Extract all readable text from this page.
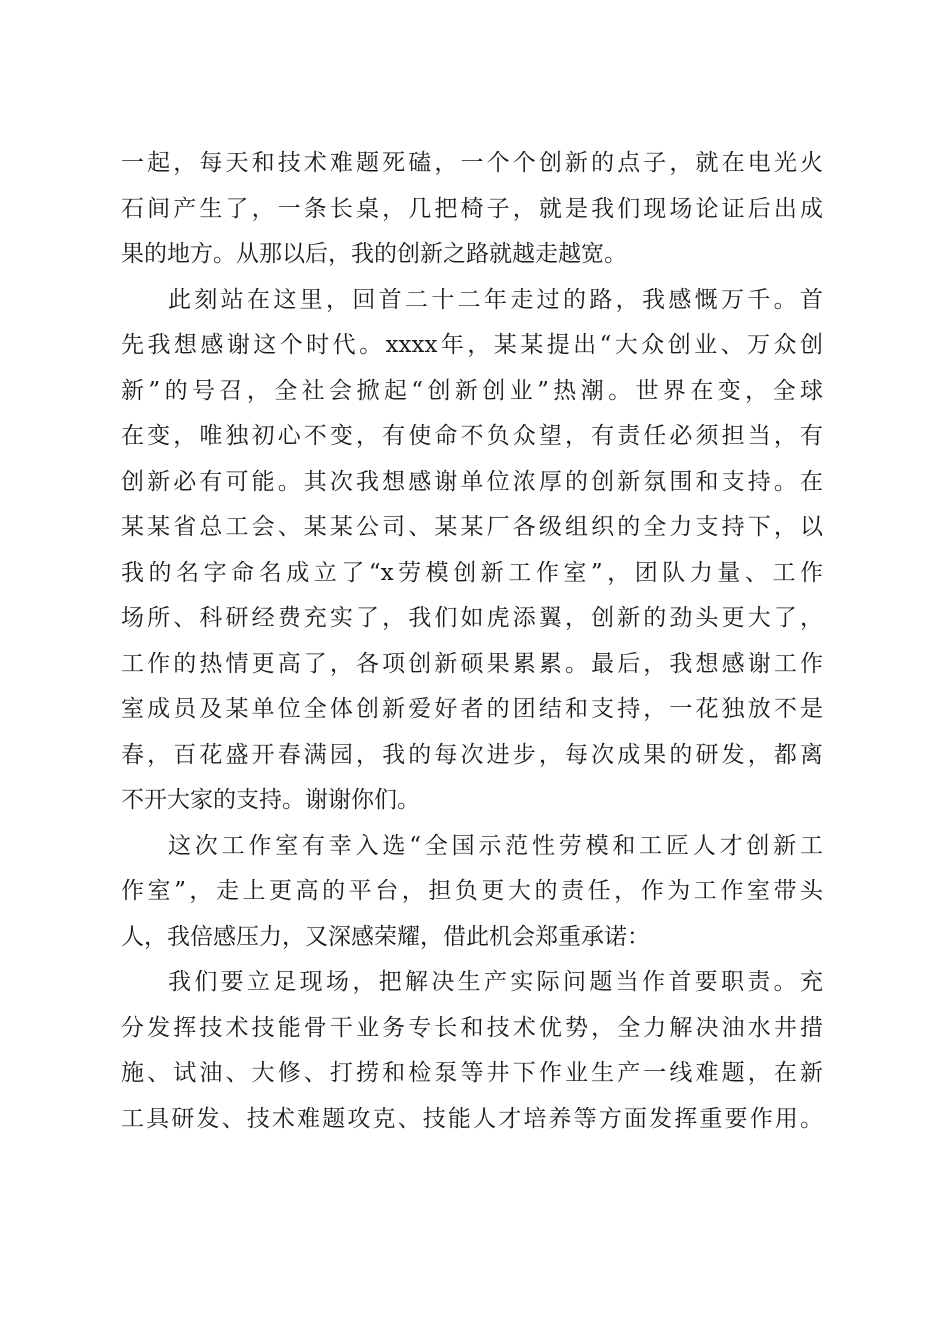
一起，每天和技术难题死磕，一个个创新的点子，就在电光火
石间产生了，一条长桌，几把椅子，就是我们现场论证后出成
果的地方。从那以后，我的创新之路就越走越宽。
此刻站在这里，回首二十二年走过的路，我感慨万千。首
先我想感谢这个时代。xxxx年，某某提出“大众创业、万众创
新”的号召，全社会掀起“创新创业”热潮。世界在变，全球
在变，唯独初心不变，有使命不负众望，有责任必须担当，有
创新必有可能。其次我想感谢单位浓厚的创新氛围和支持。在
某某省总工会、某某公司、某某厂各级组织的全力支持下，以
我的名字命名成立了“x劳模创新工作室”，团队力量、工作
场所、科研经费充实了，我们如虎添翼，创新的劲头更大了，
工作的热情更高了，各项创新硕果累累。最后，我想感谢工作
室成员及某单位全体创新爱好者的团结和支持，一花独放不是
春，百花盛开春满园，我的每次进步，每次成果的研发，都离
不开大家的支持。谢谢你们。
这次工作室有幸入选“全国示范性劳模和工匠人才创新工
作室”，走上更高的平台，担负更大的责任，作为工作室带头
人，我倍感压力，又深感荣耀，借此机会郑重承诺：
我们要立足现场，把解决生产实际问题当作首要职责。充
分发挥技术技能骨干业务专长和技术优势，全力解决油水井措
施、试油、大修、打捞和检泵等井下作业生产一线难题，在新
工具研发、技术难题攻克、技能人才培养等方面发挥重要作用。
